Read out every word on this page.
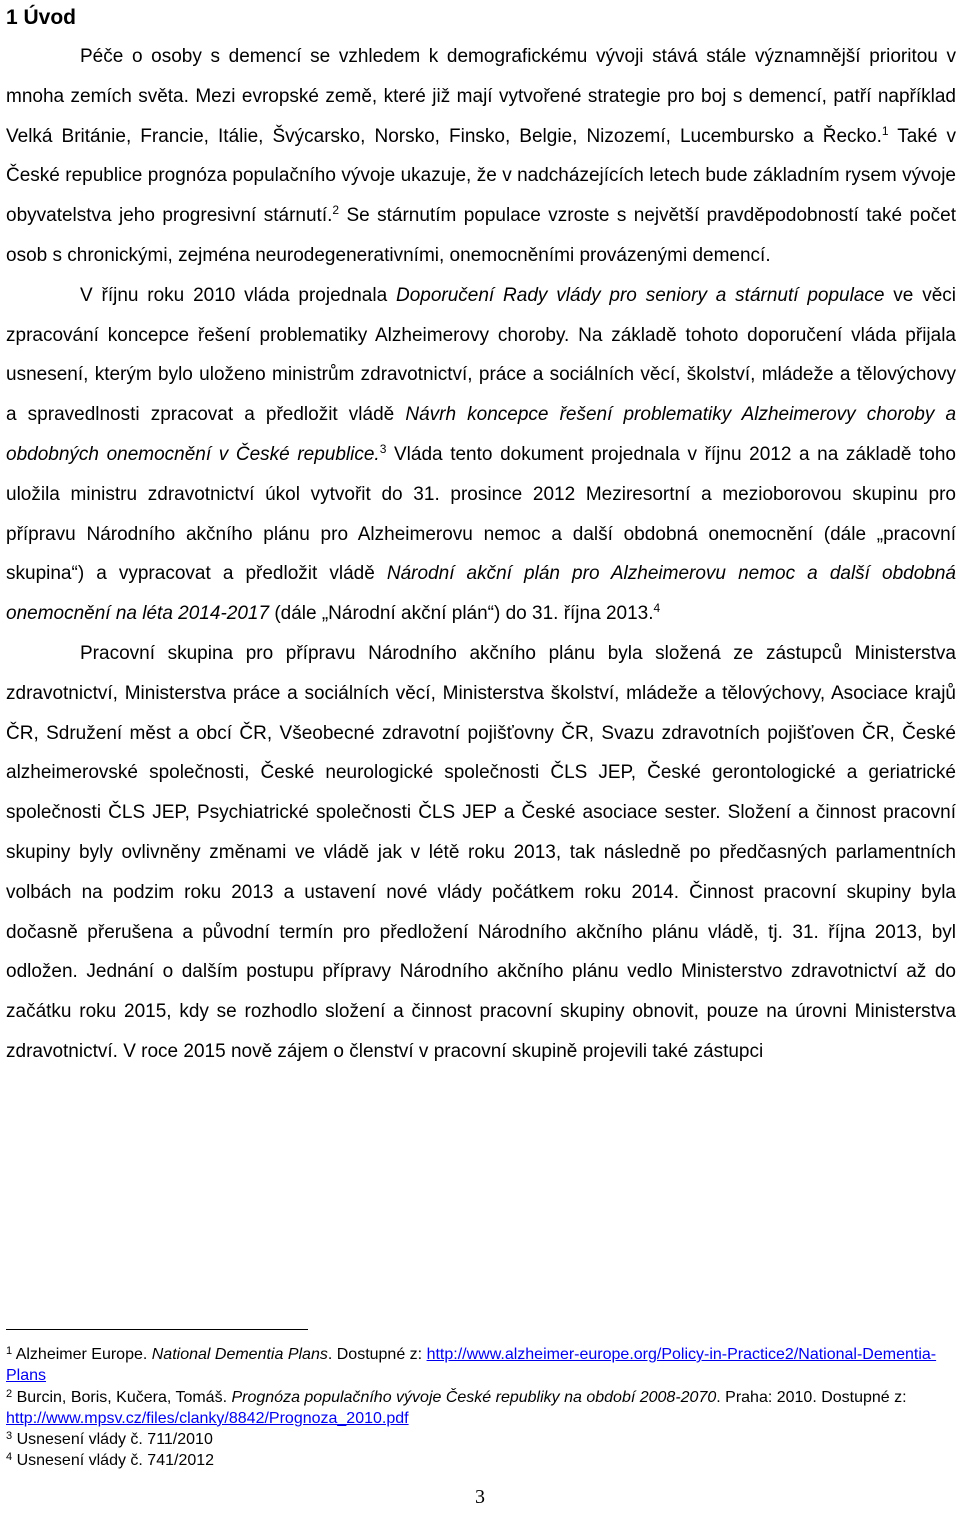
1 Úvod

Péče o osoby s demencí se vzhledem k demografickému vývoji stává stále významnější prioritou v mnoha zemích světa. Mezi evropské země, které již mají vytvořené strategie pro boj s demencí, patří například Velká Británie, Francie, Itálie, Švýcarsko, Norsko, Finsko, Belgie, Nizozemí, Lucembursko a Řecko.$^1$ Také v České republice prognóza populačního vývoje ukazuje, že v nadcházejících letech bude základním rysem vývoje obyvatelstva jeho progresivní stárnutí.$^2$ Se stárnutím populace vzroste s největší pravděpodobností také počet osob s chronickými, zejména neurodegenerativními, onemocněními provázenými demencí.

V říjnu roku 2010 vláda projednala Doporučení Rady vlády pro seniory a stárnutí populace ve věci zpracování koncepce řešení problematiky Alzheimerovy choroby. Na základě tohoto doporučení vláda přijala usnesení, kterým bylo uloženo ministrům zdravotnictví, práce a sociálních věcí, školství, mládeže a tělovýchovy a spravedlnosti zpracovat a předložit vládě Návrh koncepce řešení problematiky Alzheimerovy choroby a obdobných onemocnění v České republice.$^3$ Vláda tento dokument projednala v říjnu 2012 a na základě toho uložila ministru zdravotnictví úkol vytvořit do 31. prosince 2012 Meziresortní a mezioborovou skupinu pro přípravu Národního akčního plánu pro Alzheimerovu nemoc a další obdobná onemocnění (dále „pracovní skupina“) a vypracovat a předložit vládě Národní akční plán pro Alzheimerovu nemoc a další obdobná onemocnění na léta 2014-2017 (dále „Národní akční plán“) do 31. října 2013.$^4$

Pracovní skupina pro přípravu Národního akčního plánu byla složená ze zástupců Ministerstva zdravotnictví, Ministerstva práce a sociálních věcí, Ministerstva školství, mládeže a tělovýchovy, Asociace krajů ČR, Sdružení měst a obcí ČR, Všeobecné zdravotní pojišťovny ČR, Svazu zdravotních pojišťoven ČR, České alzheimerovské společnosti, České neurologické společnosti ČLS JEP, České gerontologické a geriatrické společnosti ČLS JEP, Psychiatrické společnosti ČLS JEP a České asociace sester. Složení a činnost pracovní skupiny byly ovlivněny změnami ve vládě jak v létě roku 2013, tak následně po předčasných parlamentních volbách na podzim roku 2013 a ustavení nové vlády počátkem roku 2014. Činnost pracovní skupiny byla dočasně přerušena a původní termín pro předložení Národního akčního plánu vládě, tj. 31. října 2013, byl odložen. Jednání o dalším postupu přípravy Národního akčního plánu vedlo Ministerstvo zdravotnictví až do začátku roku 2015, kdy se rozhodlo složení a činnost pracovní skupiny obnovit, pouze na úrovni Ministerstva zdravotnictví. V roce 2015 nově zájem o členství v pracovní skupině projevili také zástupci

$^1$ Alzheimer Europe. National Dementia Plans. Dostupné z: http://www.alzheimer-europe.org/Policy-in-Practice2/National-Dementia-Plans

$^2$ Burcin, Boris, Kučera, Tomáš. Prognóza populačního vývoje České republiky na období 2008-2070. Praha: 2010. Dostupné z: http://www.mpsv.cz/files/clanky/8842/Prognoza_2010.pdf

$^3$ Usnesení vlády č. 711/2010

$^4$ Usnesení vlády č. 741/2012

3
